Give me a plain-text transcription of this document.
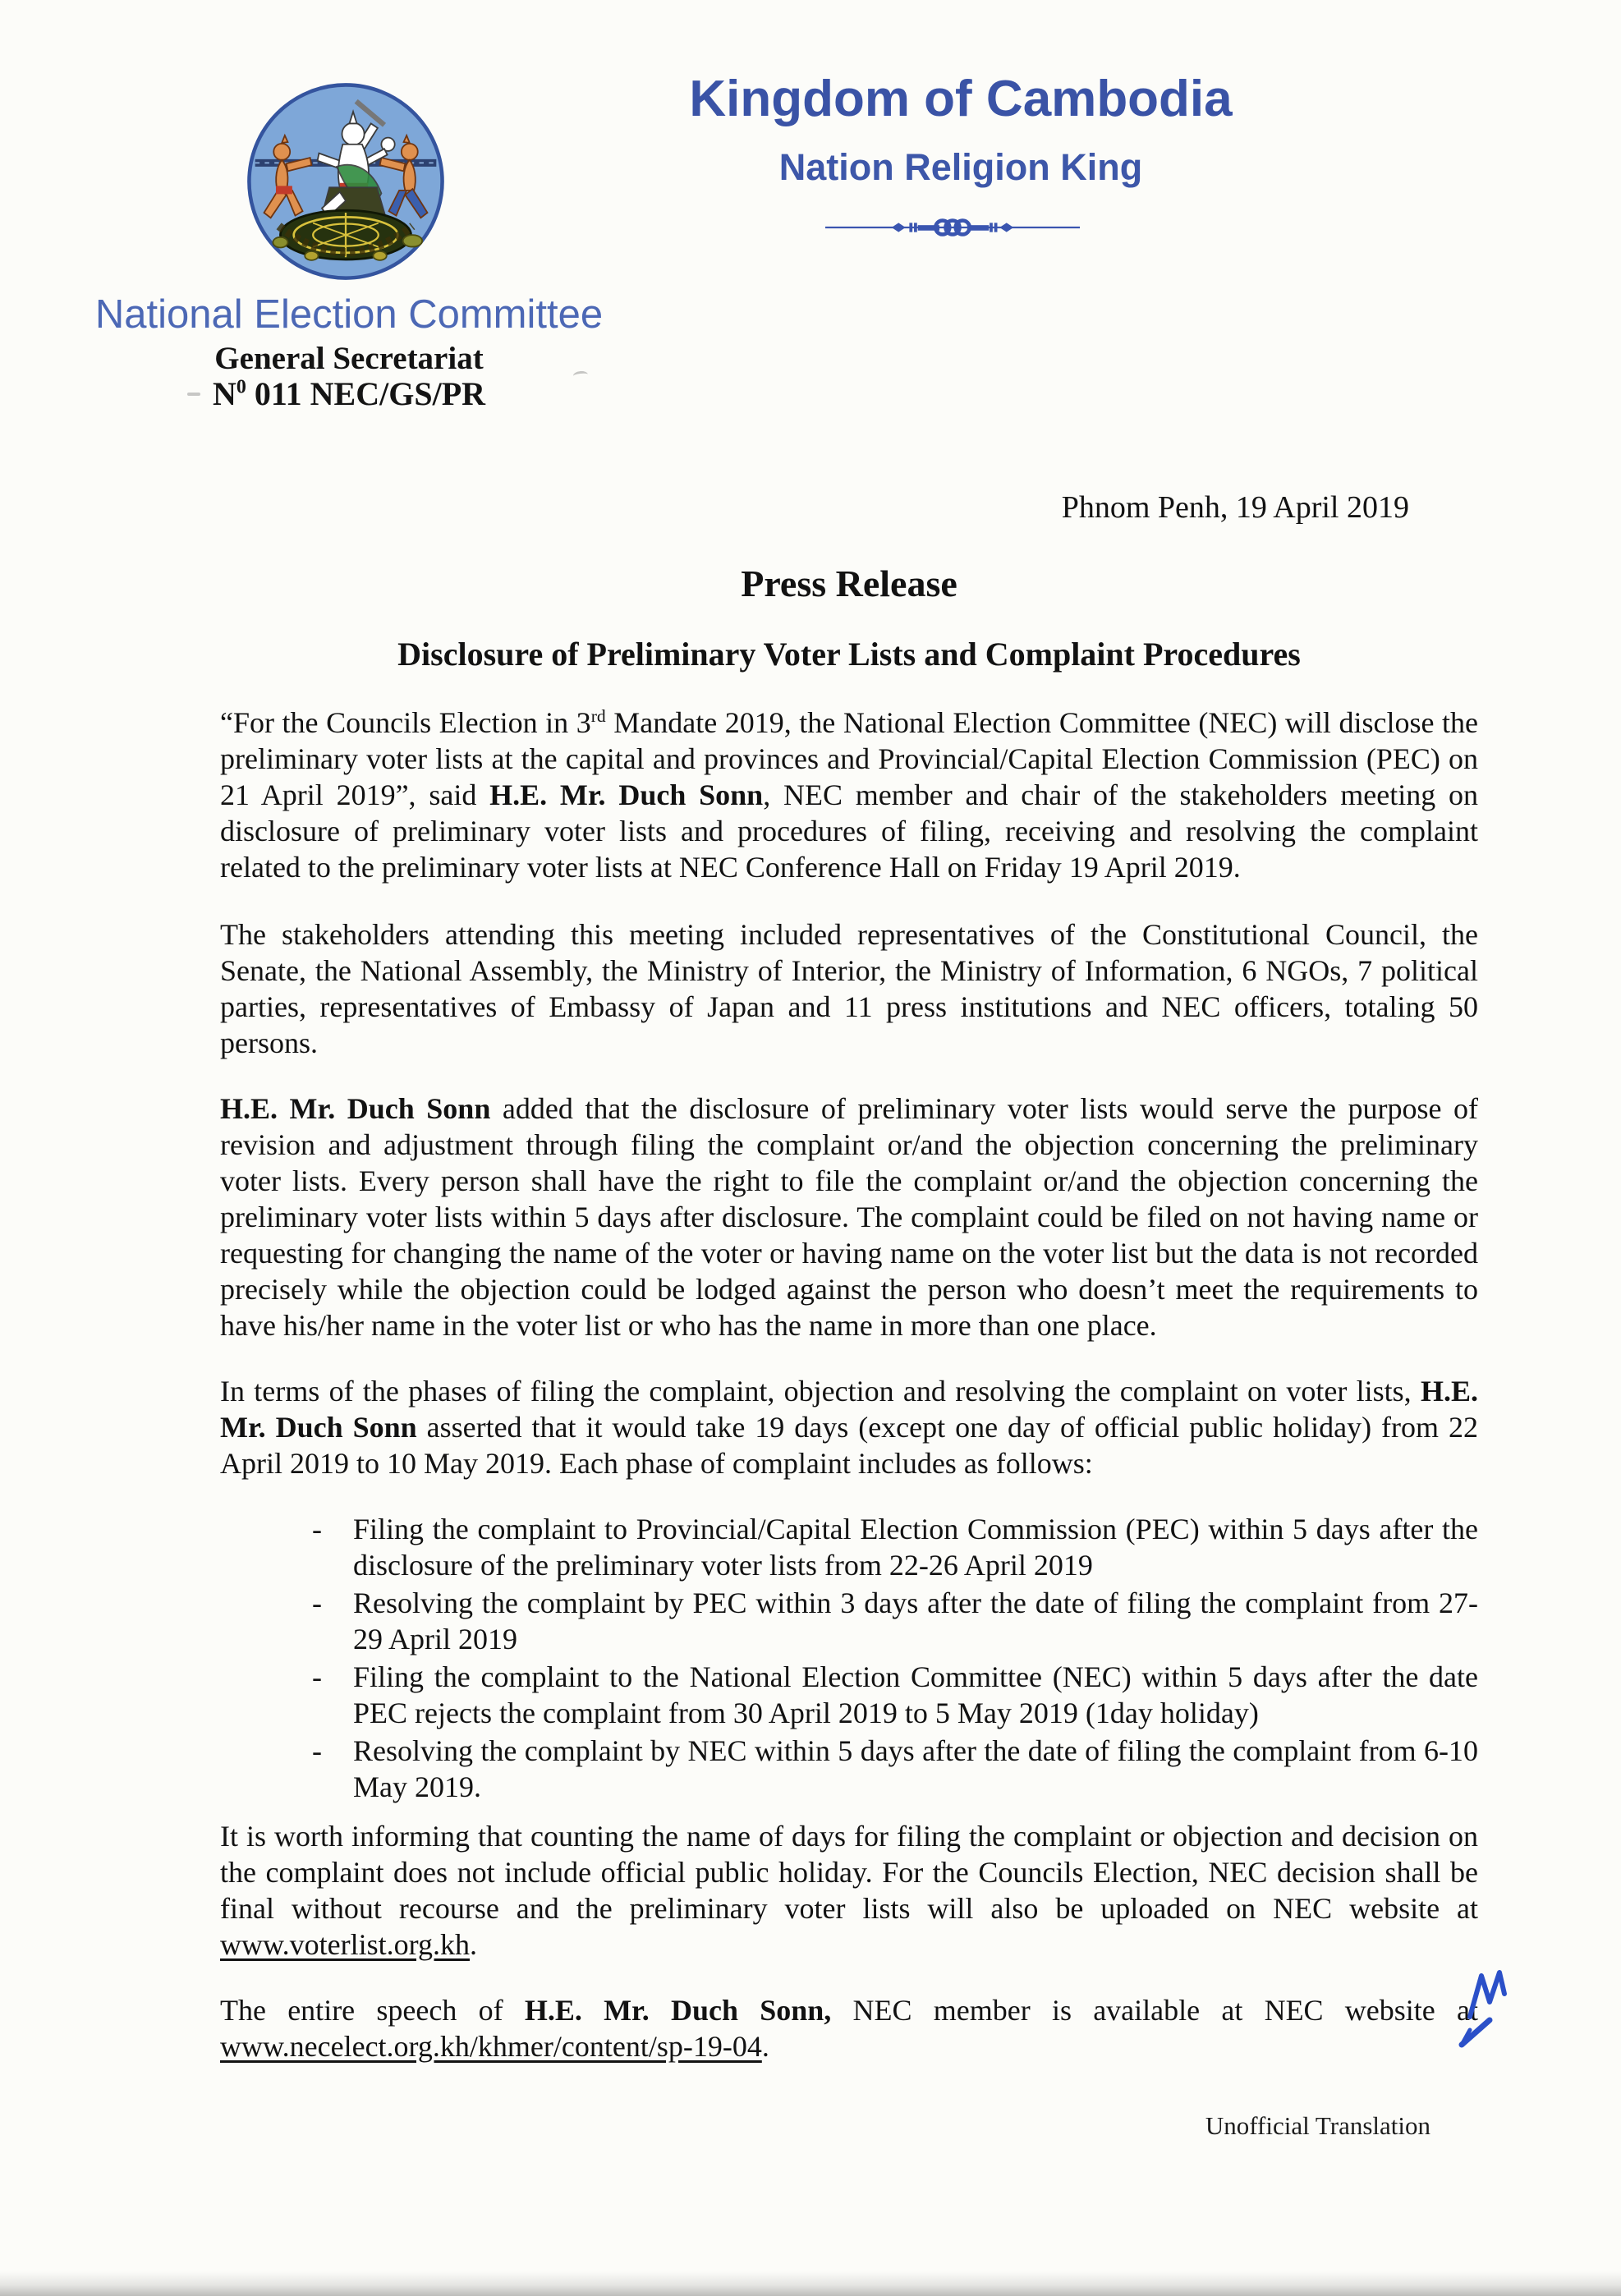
Kingdom of Cambodia
Nation Religion King
National Election Committee
General Secretariat
$N^0$ 011 NEC/GS/PR
Phnom Penh, 19 April 2019
Press Release
Disclosure of Preliminary Voter Lists and Complaint Procedures

“For the Councils Election in 3rd Mandate 2019, the National Election Committee (NEC) will disclose the preliminary voter lists at the capital and provinces and Provincial/Capital Election Commission (PEC) on 21 April 2019”, said H.E. Mr. Duch Sonn, NEC member and chair of the stakeholders meeting on disclosure of preliminary voter lists and procedures of filing, receiving and resolving the complaint related to the preliminary voter lists at NEC Conference Hall on Friday 19 April 2019.

The stakeholders attending this meeting included representatives of the Constitutional Council, the Senate, the National Assembly, the Ministry of Interior, the Ministry of Information, 6 NGOs, 7 political parties, representatives of Embassy of Japan and 11 press institutions and NEC officers, totaling 50 persons.

H.E. Mr. Duch Sonn added that the disclosure of preliminary voter lists would serve the purpose of revision and adjustment through filing the complaint or/and the objection concerning the preliminary voter lists. Every person shall have the right to file the complaint or/and the objection concerning the preliminary voter lists within 5 days after disclosure. The complaint could be filed on not having name or requesting for changing the name of the voter or having name on the voter list but the data is not recorded precisely while the objection could be lodged against the person who doesn’t meet the requirements to have his/her name in the voter list or who has the name in more than one place.

In terms of the phases of filing the complaint, objection and resolving the complaint on voter lists, H.E. Mr. Duch Sonn asserted that it would take 19 days (except one day of official public holiday) from 22 April 2019 to 10 May 2019. Each phase of complaint includes as follows:

-	Filing the complaint to Provincial/Capital Election Commission (PEC) within 5 days after the disclosure of the preliminary voter lists from 22-26 April 2019
-	Resolving the complaint by PEC within 3 days after the date of filing the complaint from 27-29 April 2019
-	Filing the complaint to the National Election Committee (NEC) within 5 days after the date PEC rejects the complaint from 30 April 2019 to 5 May 2019 (1day holiday)
-	Resolving the complaint by NEC within 5 days after the date of filing the complaint from 6-10 May 2019.

It is worth informing that counting the name of days for filing the complaint or objection and decision on the complaint does not include official public holiday. For the Councils Election, NEC decision shall be final without recourse and the preliminary voter lists will also be uploaded on NEC website at www.voterlist.org.kh.

The entire speech of H.E. Mr. Duch Sonn, NEC member is available at NEC website at www.necelect.org.kh/khmer/content/sp-19-04.

Unofficial Translation
